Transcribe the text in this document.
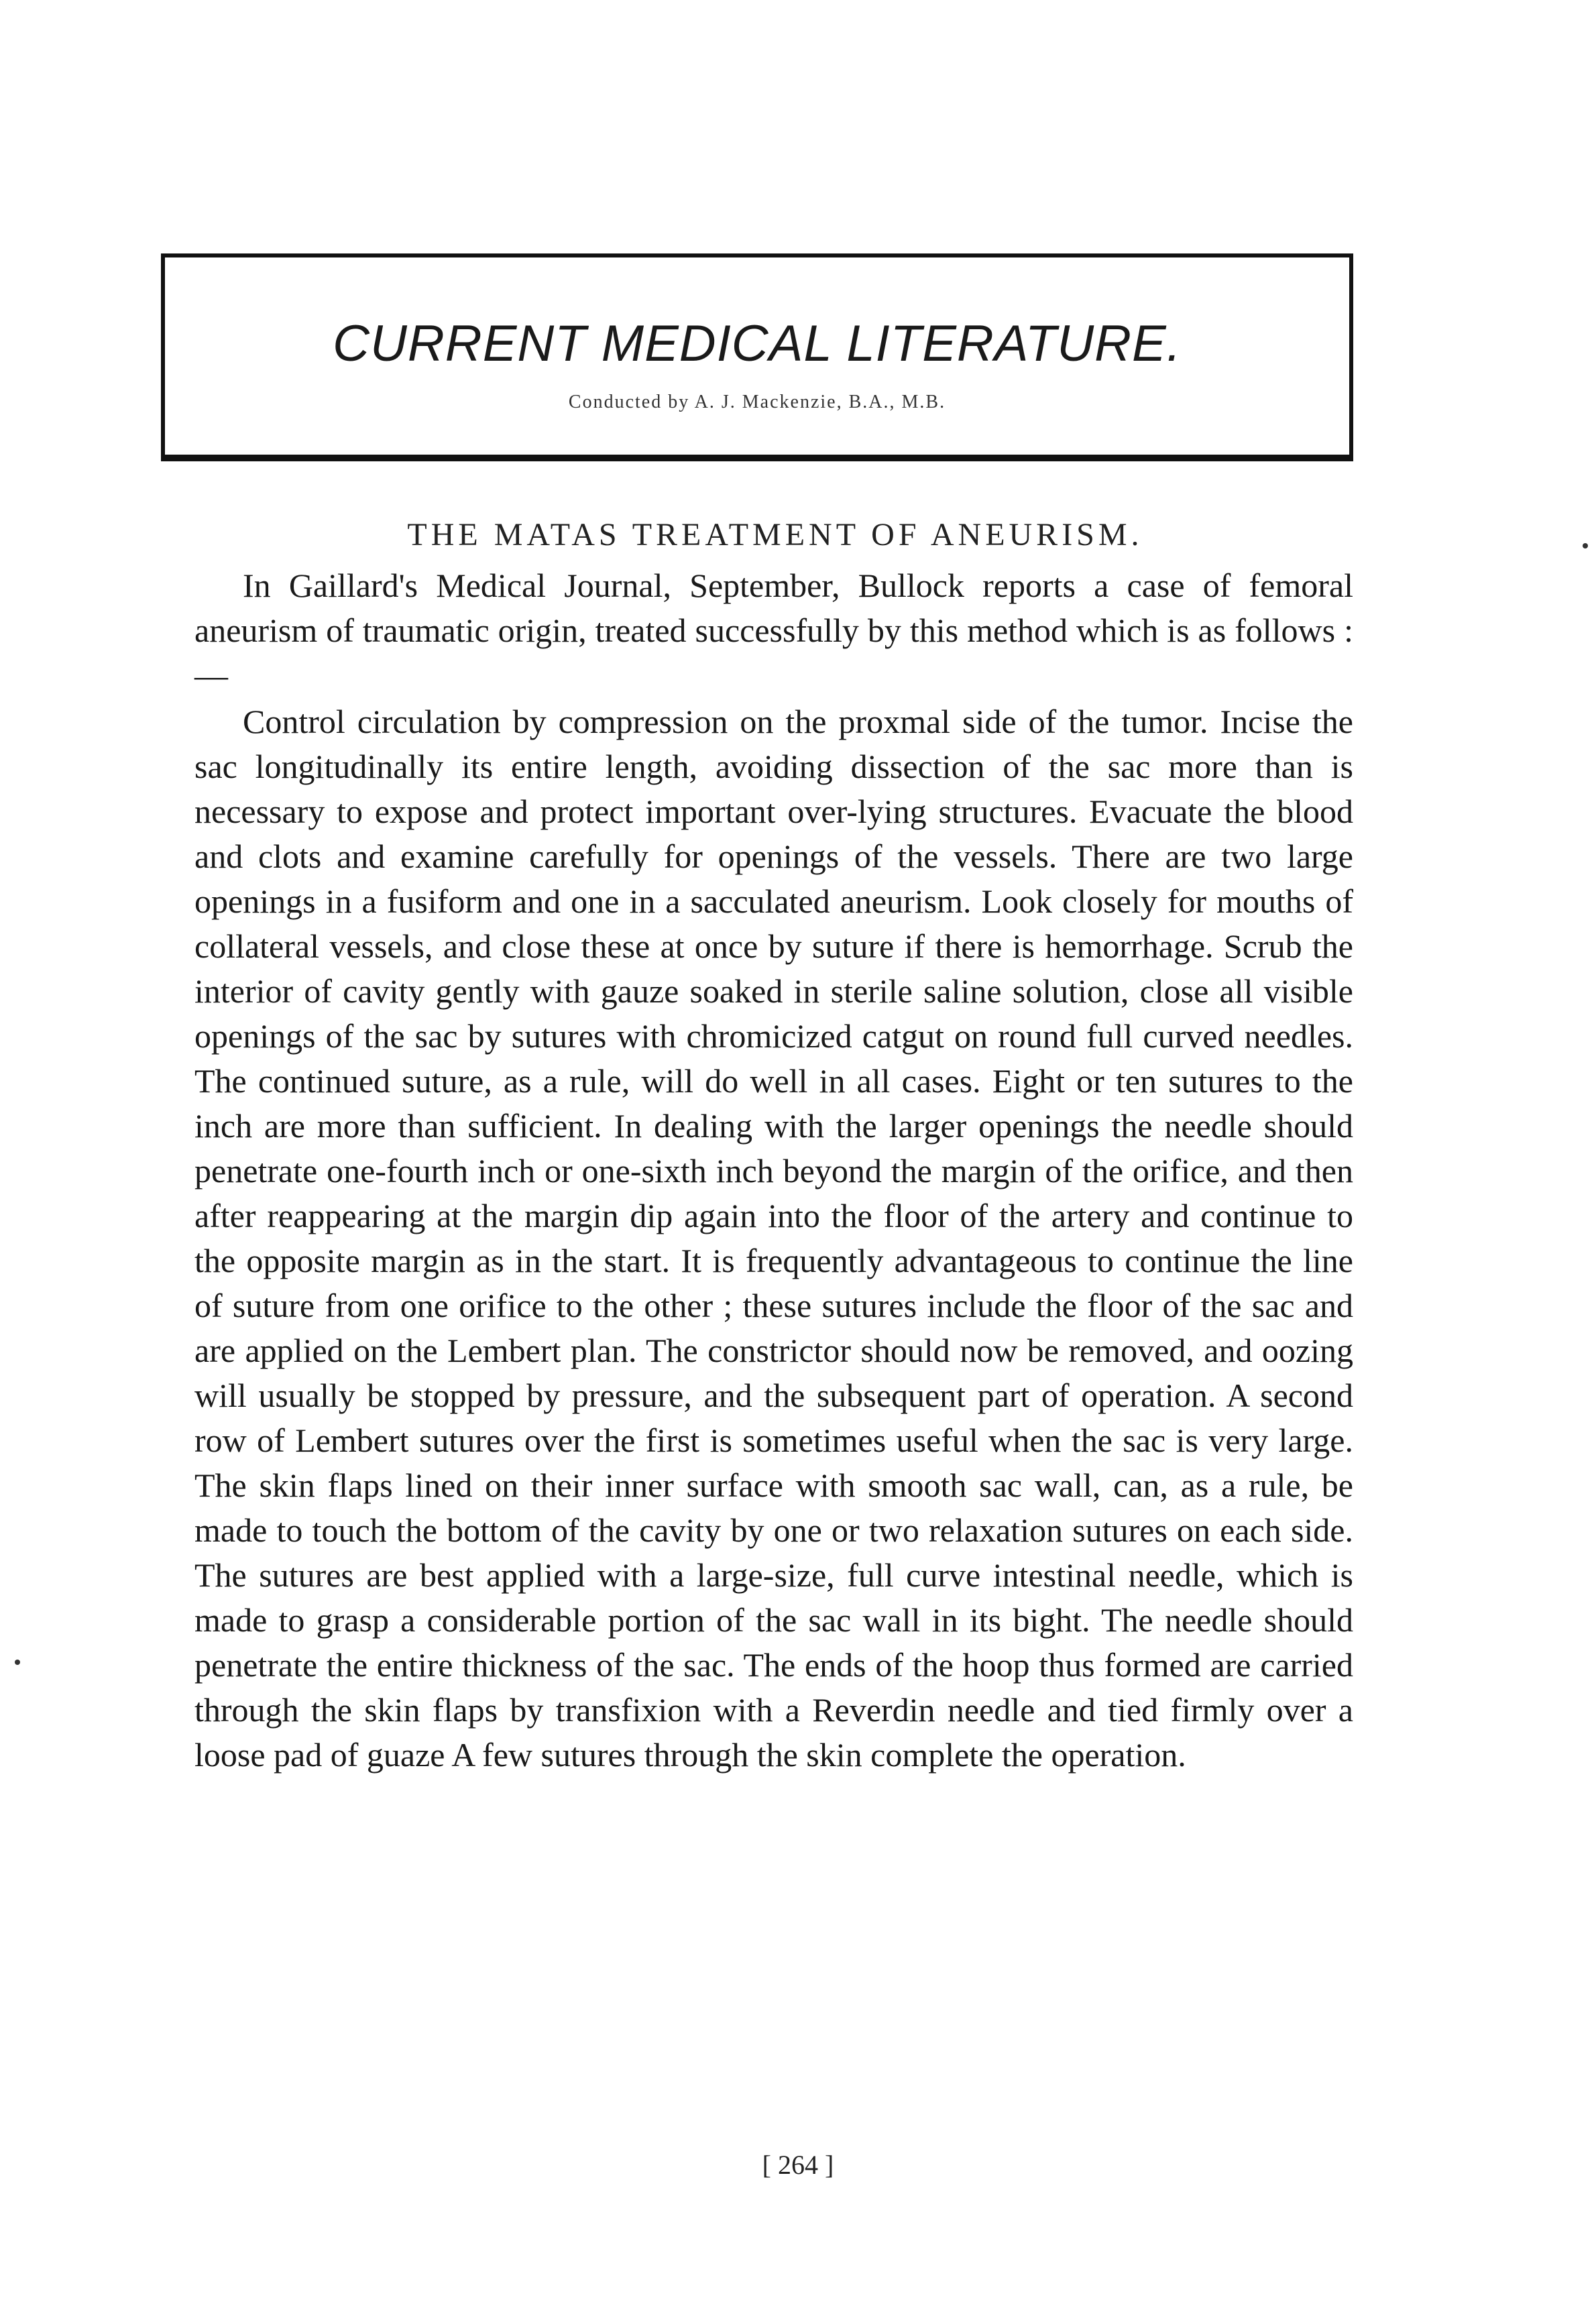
CURRENT MEDICAL LITERATURE.
Conducted by A. J. Mackenzie, B.A., M.B.
THE MATAS TREATMENT OF ANEURISM.

In Gaillard's Medical Journal, September, Bullock reports a case of femoral aneurism of traumatic origin, treated successfully by this method which is as follows :—

Control circulation by compression on the proxmal side of the tumor. Incise the sac longitudinally its entire length, avoiding dissection of the sac more than is necessary to expose and protect important over-lying structures. Evacuate the blood and clots and examine carefully for openings of the vessels. There are two large openings in a fusiform and one in a sacculated aneurism. Look closely for mouths of collateral vessels, and close these at once by suture if there is hemorrhage. Scrub the interior of cavity gently with gauze soaked in sterile saline solution, close all visible openings of the sac by sutures with chromicized catgut on round full curved needles. The continued suture, as a rule, will do well in all cases. Eight or ten sutures to the inch are more than sufficient. In dealing with the larger openings the needle should penetrate one-fourth inch or one-sixth inch beyond the margin of the orifice, and then after reappearing at the margin dip again into the floor of the artery and continue to the opposite margin as in the start. It is frequently advantageous to continue the line of suture from one orifice to the other ; these sutures include the floor of the sac and are applied on the Lembert plan. The constrictor should now be removed, and oozing will usually be stopped by pressure, and the subsequent part of operation. A second row of Lembert sutures over the first is sometimes useful when the sac is very large. The skin flaps lined on their inner surface with smooth sac wall, can, as a rule, be made to touch the bottom of the cavity by one or two relaxation sutures on each side. The sutures are best applied with a large-size, full curve intestinal needle, which is made to grasp a considerable portion of the sac wall in its bight. The needle should penetrate the entire thickness of the sac. The ends of the hoop thus formed are carried through the skin flaps by transfixion with a Reverdin needle and tied firmly over a loose pad of guaze A few sutures through the skin complete the operation.

[ 264 ]
